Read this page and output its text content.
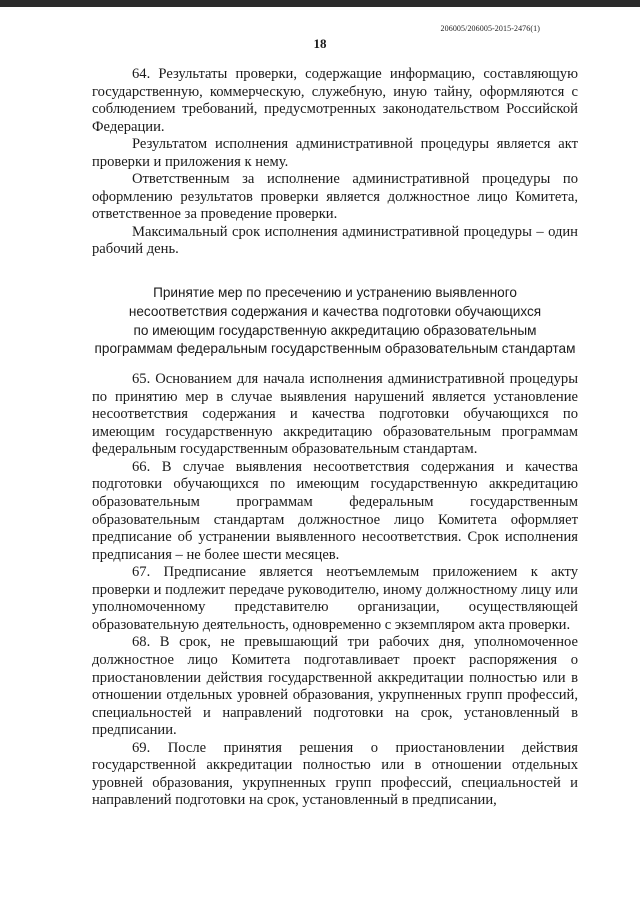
206005/206005-2015-2476(1)
18

64. Результаты проверки, содержащие информацию, составляющую государственную, коммерческую, служебную, иную тайну, оформляются с соблюдением требований, предусмотренных законодательством Российской Федерации.

Результатом исполнения административной процедуры является акт проверки и приложения к нему.

Ответственным за исполнение административной процедуры по оформлению результатов проверки является должностное лицо Комитета, ответственное за проведение проверки.

Максимальный срок исполнения административной процедуры – один рабочий день.

Принятие мер по пресечению и устранению выявленного
несоответствия содержания и качества подготовки обучающихся
по имеющим государственную аккредитацию образовательным
программам федеральным государственным образовательным стандартам

65. Основанием для начала исполнения административной процедуры по принятию мер в случае выявления нарушений является установление несоответствия содержания и качества подготовки обучающихся по имеющим государственную аккредитацию образовательным программам федеральным государственным образовательным стандартам.

66. В случае выявления несоответствия содержания и качества подготовки обучающихся по имеющим государственную аккредитацию образовательным программам федеральным государственным образовательным стандартам должностное лицо Комитета оформляет предписание об устранении выявленного несоответствия. Срок исполнения предписания – не более шести месяцев.

67. Предписание является неотъемлемым приложением к акту проверки и подлежит передаче руководителю, иному должностному лицу или уполномоченному представителю организации, осуществляющей образовательную деятельность, одновременно с экземпляром акта проверки.

68. В срок, не превышающий три рабочих дня, уполномоченное должностное лицо Комитета подготавливает проект распоряжения о приостановлении действия государственной аккредитации полностью или в отношении отдельных уровней образования, укрупненных групп профессий, специальностей и направлений подготовки на срок, установленный в предписании.

69. После принятия решения о приостановлении действия государственной аккредитации полностью или в отношении отдельных уровней образования, укрупненных групп профессий, специальностей и направлений подготовки на срок, установленный в предписании,
